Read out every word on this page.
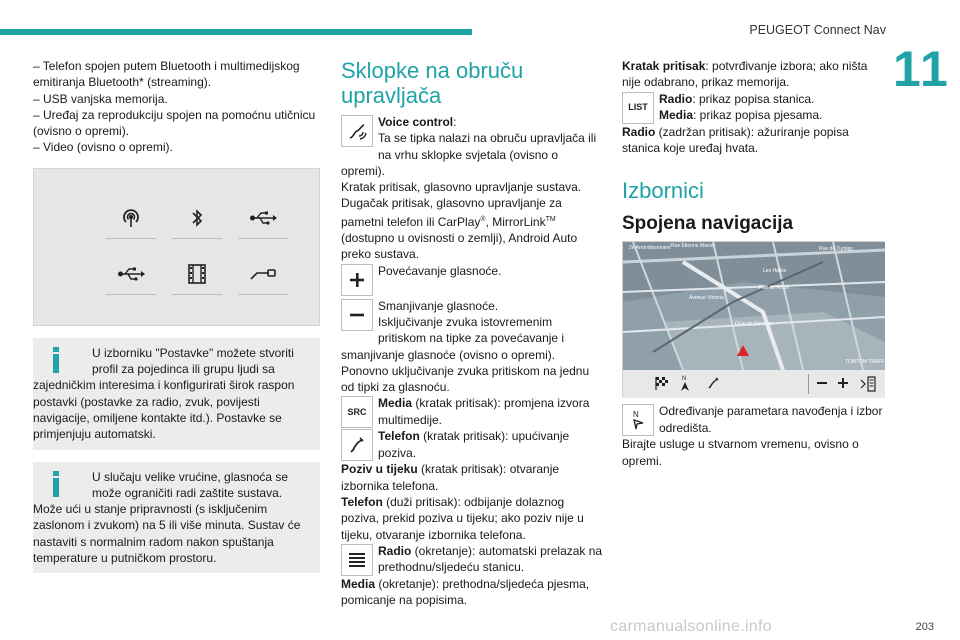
PEUGEOT Connect Nav
11

– Telefon spojen putem Bluetooth i multimedijskog emitiranja Bluetooth* (streaming).

– USB vanjska memorija.

– Uređaj za reprodukciju spojen na pomoćnu utičnicu (ovisno o opremi).

– Video (ovisno o opremi).

U izborniku "Postavke" možete stvoriti profil za pojedinca ili grupu ljudi sa

zajedničkim interesima i konfigurirati širok raspon postavki (postavke za radio, zvuk, povijesti navigacije, omiljene kontakte itd.). Postavke se primjenjuju automatski.

U slučaju velike vrućine, glasnoća se može ograničiti radi zaštite sustava.

Može ući u stanje pripravnosti (s isključenim zaslonom i zvukom) na 5 ili više minuta. Sustav će nastaviti s normalnim radom nakon spuštanja temperature u putničkom prostoru.

Sklopke na obruču upravljača

Voice control:

Ta se tipka nalazi na obruču upravljača ili na vrhu sklopke svjetala (ovisno o opremi).

Kratak pritisak, glasovno upravljanje sustava.

Dugačak pritisak, glasovno upravljanje za pametni telefon ili CarPlay®, MirrorLink™

(dostupno u ovisnosti o zemlji), Android Auto preko sustava.

Povećavanje glasnoće.

Smanjivanje glasnoće.

Isključivanje zvuka istovremenim pritiskom na tipke za povećavanje i smanjivanje glasnoće (ovisno o opremi).

Ponovno uključivanje zvuka pritiskom na jednu od tipki za glasnoću.

SRC

Media (kratak pritisak): promjena izvora multimedije.

Telefon (kratak pritisak): upućivanje poziva.

Poziv u tijeku (kratak pritisak): otvaranje izbornika telefona.

Telefon (duži pritisak): odbijanje dolaznog poziva, prekid poziva u tijeku; ako poziv nije u tijeku, otvaranje izbornika telefona.

Radio (okretanje): automatski prelazak na prethodnu/sljedeću stanicu.

Media (okretanje): prethodna/sljedeća pjesma, pomicanje na popisima.

Kratak pritisak: potvrđivanje izbora; ako ništa nije odabrano, prikaz memorija.

LIST

Radio: prikaz popisa stanica.

Media: prikaz popisa pjesama.

Radio (zadržan pritisak): ažuriranje popisa stanica koje uređaj hvata.

Izbornici
Spojena navigacija
2e Arrondissement Rue Étienne Marcel	Rue de Turbigo
Les Halles
Rue de Rivoli
Avenue Victoria
Quai de Gesvres
TOMTOM TRAFFIC
N
N	Određivanje parametara navođenja i izbor odredišta.

Birajte usluge u stvarnom vremenu, ovisno o opremi.

carmanualsonline.info	203
